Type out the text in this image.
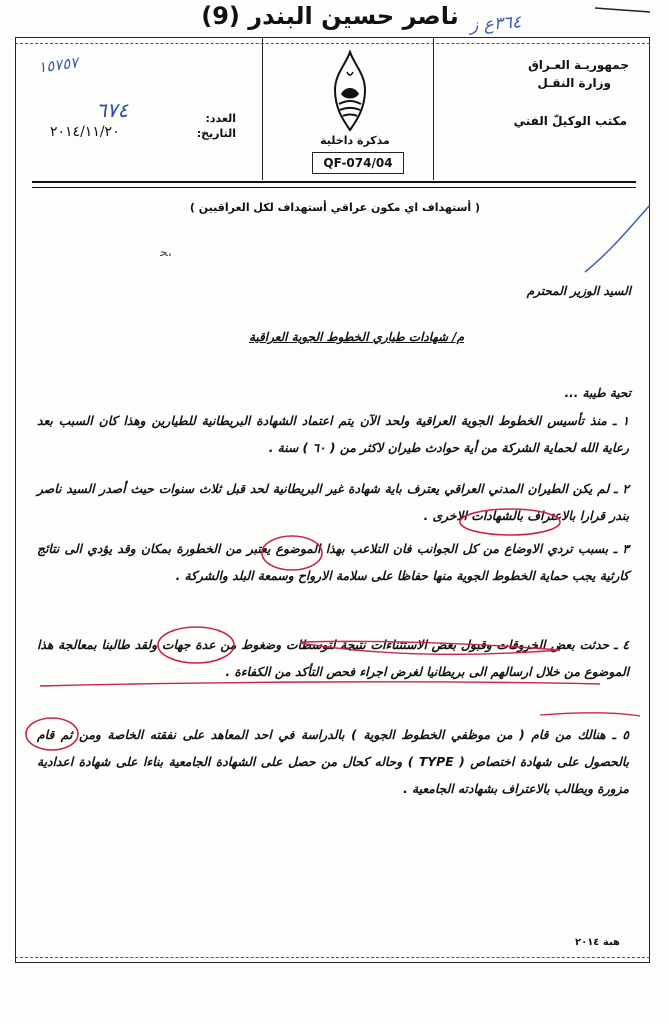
ناصر حسين البندر (9) ٣٦٤ع ز
جمهوريـة العـراق
وزارة النقـل
مكتب الوكيلّ الفني
مذكرة داخلية
QF-074/04
العدد:
التاريخ:
٦٧٤
٢٠١٤/١١/٢٠
١٥٧٥٧
( أستهداف اي مكون عراقي أستهداف لكل العراقيين )
ﺤ،
السيد الوزير المحترم
م/ شهادات طياري الخطوط الجوية العراقية
تحية طيبة ...
١ ـ منذ تأسيس الخطوط الجوية العراقية ولحد الآن يتم اعتماد الشهادة البريطانية للطيارين وهذا كان السبب بعد رعاية الله لحماية الشركة من أية حوادث طيران لاكثر من ( ٦٠ ) سنة .
٢ ـ لم يكن الطيران المدني العراقي يعترف باية شهادة غير البريطانية لحد قبل ثلاث سنوات حيث أصدر السيد ناصر بندر قرارا بالاعتراف بالشهادات الاخرى .
٣ ـ بسبب تردي الاوضاع من كل الجوانب فان التلاعب بهذا الموضوع يعتبر من الخطورة بمكان وقد يؤدي الى نتائج كارثية يجب حماية الخطوط الجوية منها حفاظا على سلامة الارواح وسمعة البلد والشركة .
٤ ـ حدثت بعض الخروقات وقبول بعض الاستثناءات نتيجة لتوسطات وضغوط من عدة جهات ولقد طالبنا بمعالجة هذا الموضوع من خلال ارسالهم الى بريطانيا لغرض اجراء فحص التأكد من الكفاءة .
٥ ـ هنالك من قام ( من موظفي الخطوط الجوية ) بالدراسة في احد المعاهد على نفقته الخاصة ومن ثم قام بالحصول على شهادة اختصاص ( TYPE ) وحاله كحال من حصل على الشهادة الجامعية بناءا على شهادة اعدادية مزورة ويطالب بالاعتراف بشهادته الجامعية .
هبة ٢٠١٤
